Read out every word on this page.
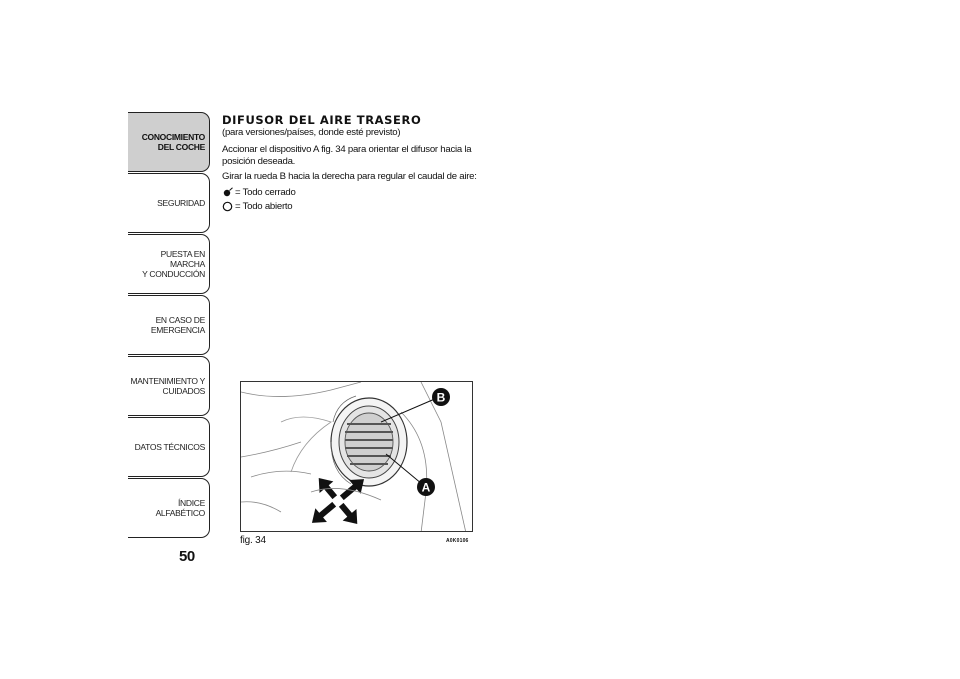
CONOCIMIENTO
DEL COCHE
SEGURIDAD
PUESTA EN MARCHA
Y CONDUCCIÓN
EN CASO DE
EMERGENCIA
MANTENIMIENTO Y
CUIDADOS
DATOS TÉCNICOS
ÍNDICE ALFABÉTICO
50
DIFUSOR DEL AIRE TRASERO

(para versiones/países, donde esté previsto)

Accionar el dispositivo A fig. 34 para orientar el difusor hacia la posición deseada.

Girar la rueda B hacia la derecha para regular el caudal de aire:

= Todo cerrado
= Todo abierto
B
A
fig. 34	A0K0106
